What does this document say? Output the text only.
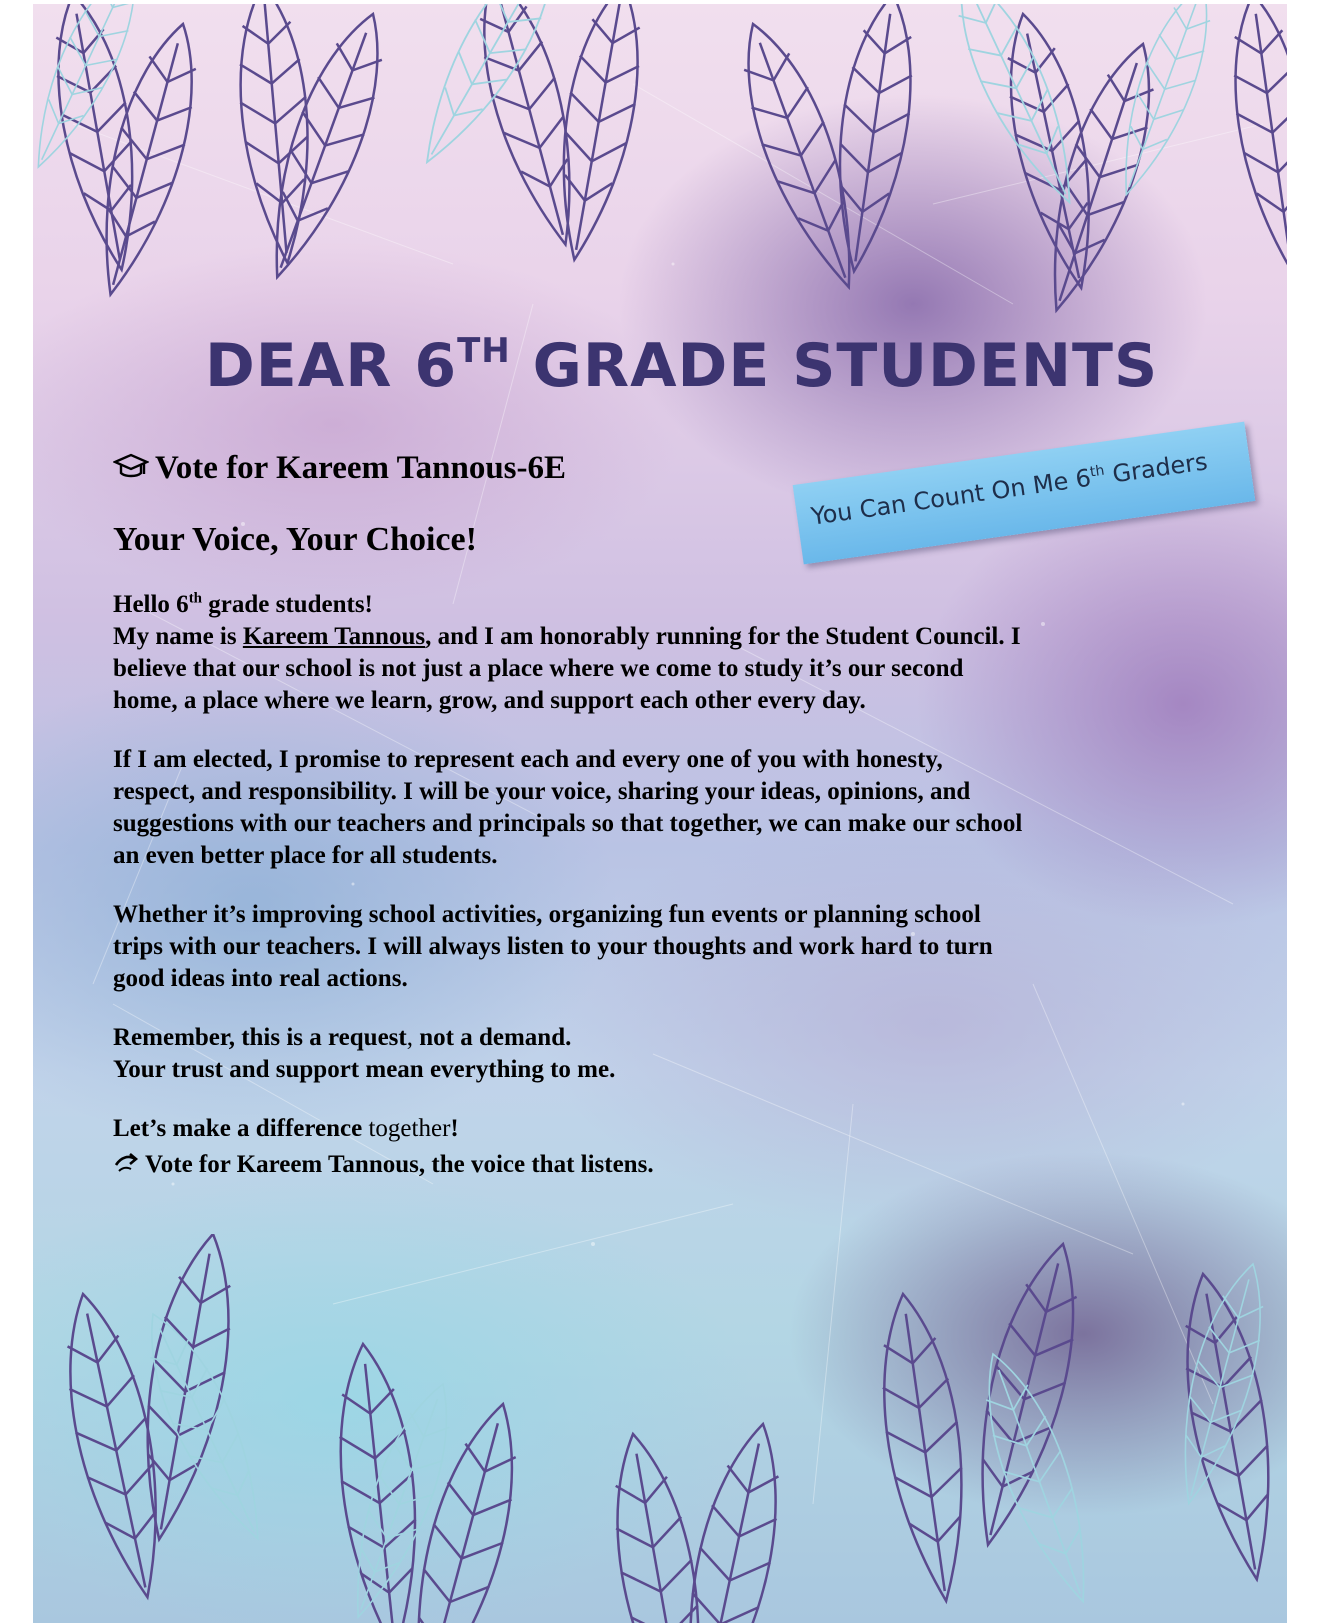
DEAR 6TH GRADE STUDENTS
Vote for Kareem Tannous-6E
Your Voice, Your Choice!

Hello 6th grade students!
My name is Kareem Tannous, and I am honorably running for the Student Council. I
believe that our school is not just a place where we come to study it’s our second
home, a place where we learn, grow, and support each other every day.

If I am elected, I promise to represent each and every one of you with honesty,
respect, and responsibility. I will be your voice, sharing your ideas, opinions, and
suggestions with our teachers and principals so that together, we can make our school
an even better place for all students.

Whether it’s improving school activities, organizing fun events or planning school
trips with our teachers. I will always listen to your thoughts and work hard to turn
good ideas into real actions.

Remember, this is a request, not a demand.
Your trust and support mean everything to me.

Let’s make a difference together!
Vote for Kareem Tannous, the voice that listens.

You Can Count On Me 6th Graders
